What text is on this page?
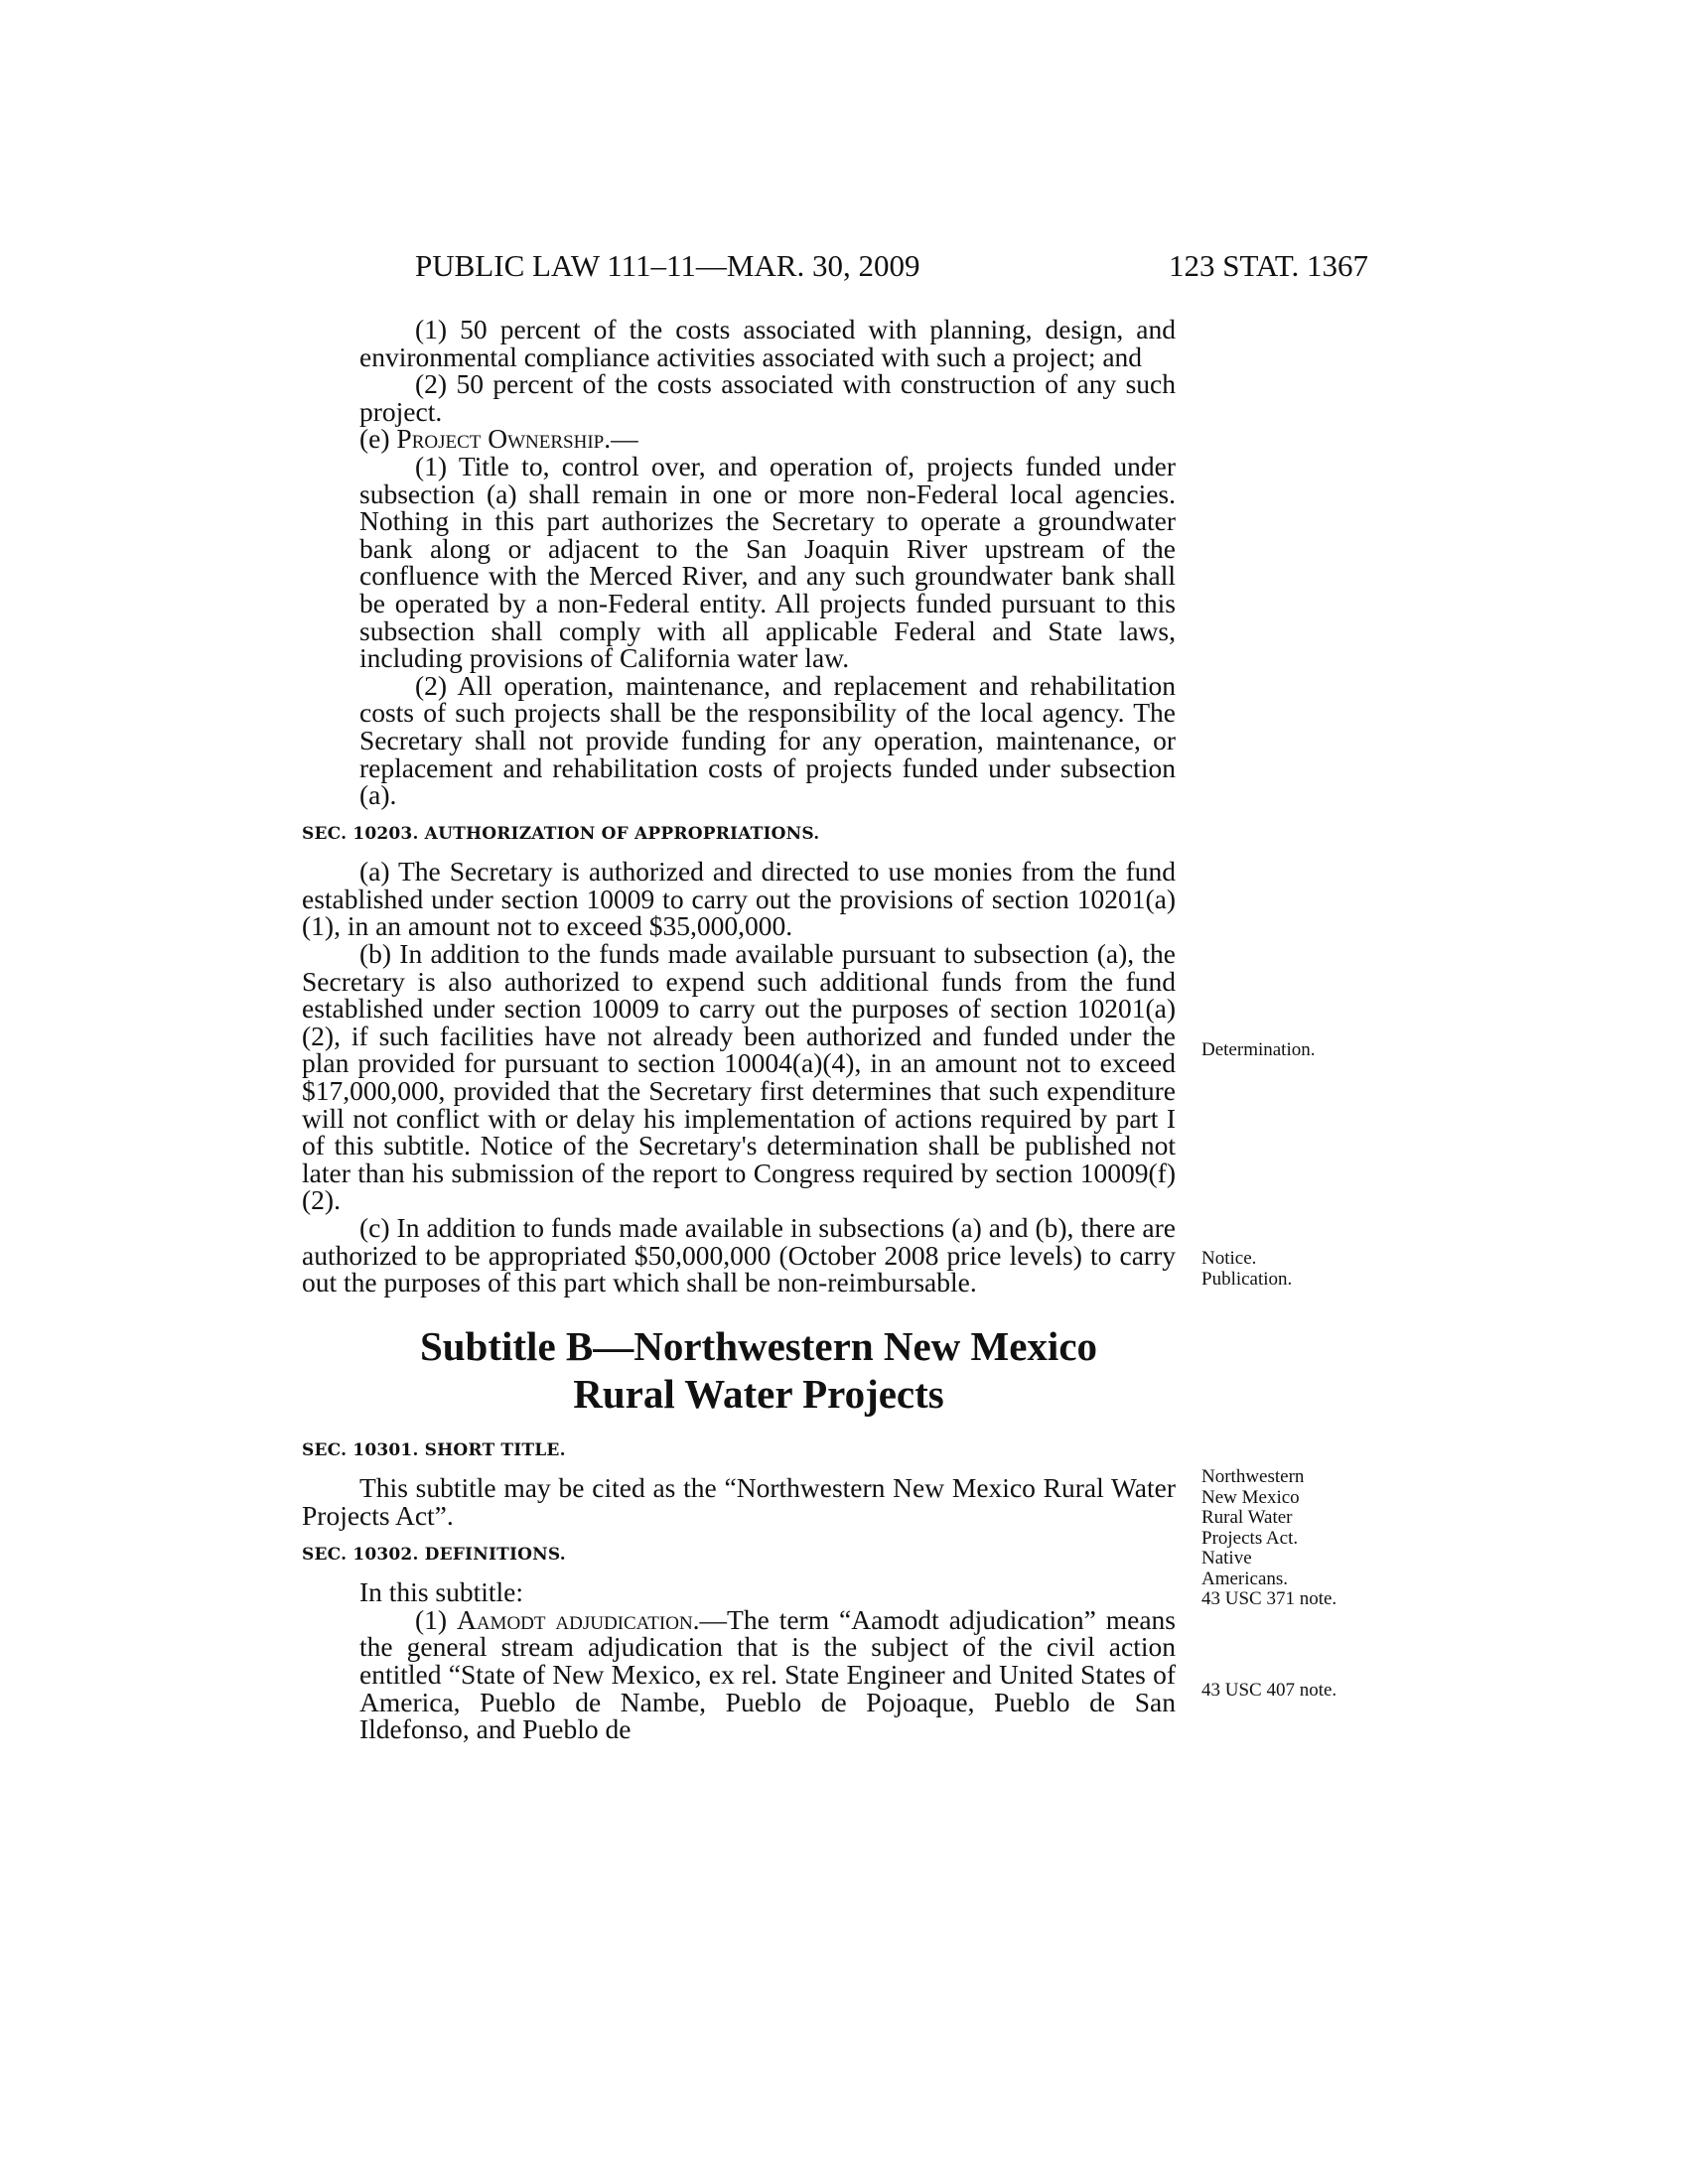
PUBLIC LAW 111–11—MAR. 30, 2009	123 STAT. 1367

(1) 50 percent of the costs associated with planning, design, and environmental compliance activities associated with such a project; and

(2) 50 percent of the costs associated with construction of any such project.

(e) Project Ownership.—

(1) Title to, control over, and operation of, projects funded under subsection (a) shall remain in one or more non-Federal local agencies. Nothing in this part authorizes the Secretary to operate a groundwater bank along or adjacent to the San Joaquin River upstream of the confluence with the Merced River, and any such groundwater bank shall be operated by a non-Federal entity. All projects funded pursuant to this subsection shall comply with all applicable Federal and State laws, including provisions of California water law.

(2) All operation, maintenance, and replacement and rehabilitation costs of such projects shall be the responsibility of the local agency. The Secretary shall not provide funding for any operation, maintenance, or replacement and rehabilitation costs of projects funded under subsection (a).

SEC. 10203. AUTHORIZATION OF APPROPRIATIONS.

(a) The Secretary is authorized and directed to use monies from the fund established under section 10009 to carry out the provisions of section 10201(a)(1), in an amount not to exceed $35,000,000.

(b) In addition to the funds made available pursuant to subsection (a), the Secretary is also authorized to expend such additional funds from the fund established under section 10009 to carry out the purposes of section 10201(a)(2), if such facilities have not already been authorized and funded under the plan provided for pursuant to section 10004(a)(4), in an amount not to exceed $17,000,000, provided that the Secretary first determines that such expenditure will not conflict with or delay his implementation of actions required by part I of this subtitle. Notice of the Secretary's determination shall be published not later than his submission of the report to Congress required by section 10009(f)(2).

(c) In addition to funds made available in subsections (a) and (b), there are authorized to be appropriated $50,000,000 (October 2008 price levels) to carry out the purposes of this part which shall be non-reimbursable.

Subtitle B—Northwestern New Mexico
Rural Water Projects

SEC. 10301. SHORT TITLE.

This subtitle may be cited as the “Northwestern New Mexico Rural Water Projects Act”.

SEC. 10302. DEFINITIONS.

In this subtitle:

(1) Aamodt adjudication.—The term “Aamodt adjudication” means the general stream adjudication that is the subject of the civil action entitled “State of New Mexico, ex rel. State Engineer and United States of America, Pueblo de Nambe, Pueblo de Pojoaque, Pueblo de San Ildefonso, and Pueblo de

Determination.
Notice.
Publication.
Northwestern
New Mexico
Rural Water
Projects Act.
Native
Americans.
43 USC 371 note.
43 USC 407 note.
